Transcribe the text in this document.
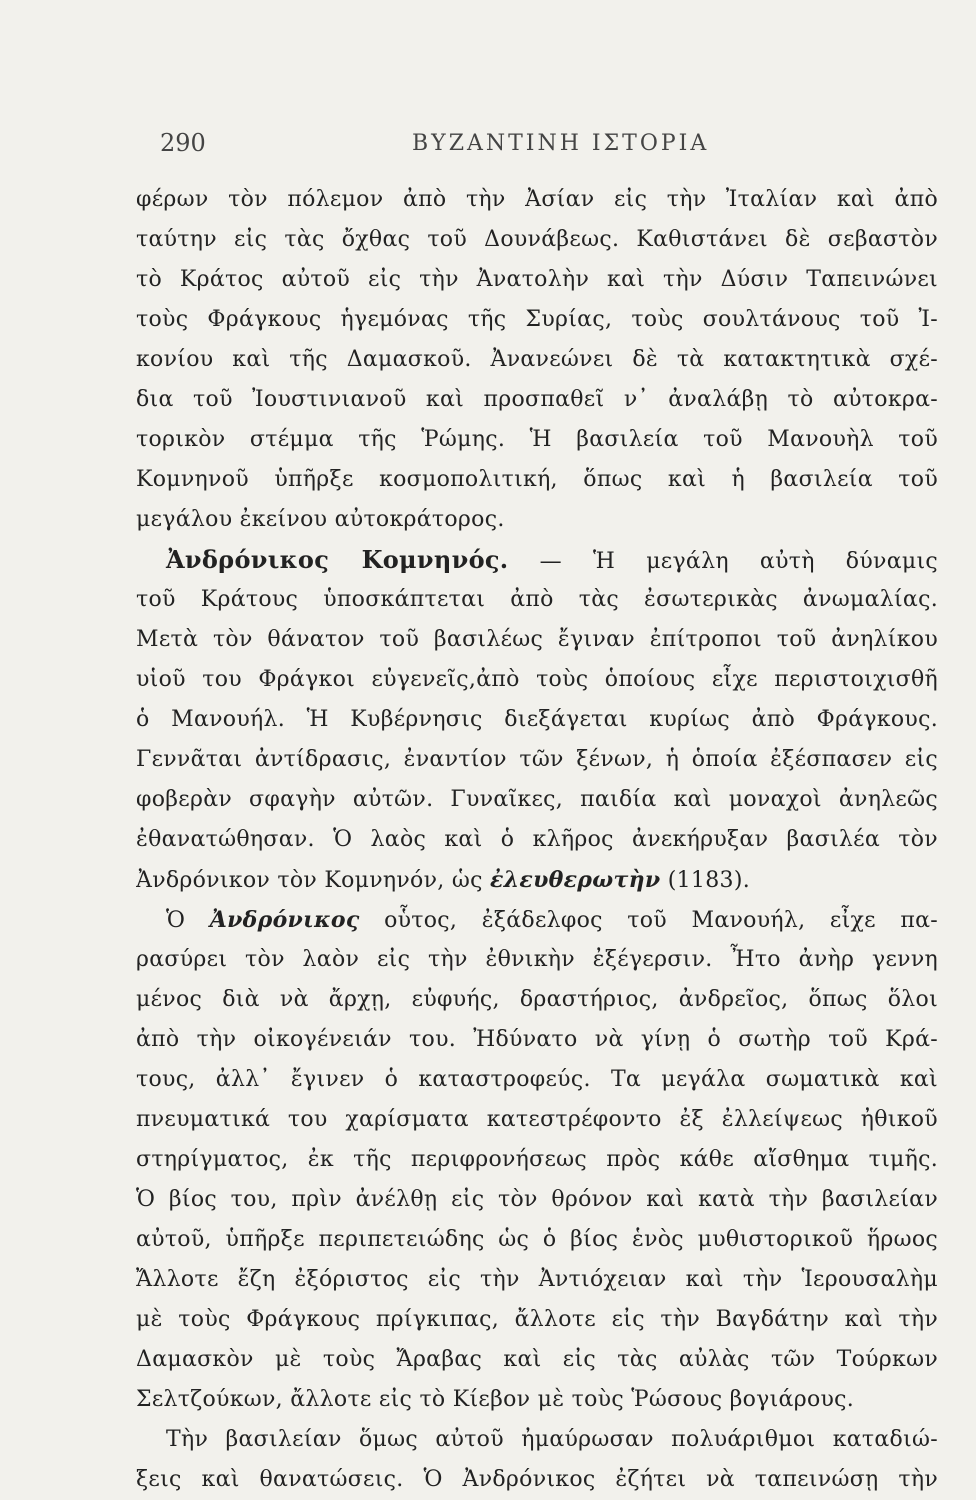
290	ΒΥΖΑΝΤΙΝΗ ΙΣΤΟΡΙΑ
φέρων τὸν πόλεμον ἀπὸ τὴν Ἀσίαν εἰς τὴν Ἰταλίαν καὶ ἀπὸ
ταύτην εἰς τὰς ὄχθας τοῦ Δουνάβεως. Καθιστάνει δὲ σεβαστὸν
τὸ Κράτος αὐτοῦ εἰς τὴν Ἀνατολὴν καὶ τὴν Δύσιν Ταπεινώνει
τοὺς Φράγκους ἡγεμόνας τῆς Συρίας, τοὺς σουλτάνους τοῦ Ἰ-
κονίου καὶ τῆς Δαμασκοῦ. Ἀνανεώνει δὲ τὰ κατακτητικὰ σχέ-
δια τοῦ Ἰουστινιανοῦ καὶ προσπαθεῖ ν᾿ ἀναλάβῃ τὸ αὐτοκρα-
τορικὸν στέμμα τῆς Ῥώμης. Ἡ βασιλεία τοῦ Μανουὴλ τοῦ
Κομνηνοῦ ὑπῆρξε κοσμοπολιτική, ὅπως καὶ ἡ βασιλεία τοῦ
μεγάλου ἐκείνου αὐτοκράτορος.
Ἀνδρόνικος Κομνηνός. — Ἡ μεγάλη αὐτὴ δύναμις
τοῦ Κράτους ὑποσκάπτεται ἀπὸ τὰς ἐσωτερικὰς ἀνωμαλίας.
Μετὰ τὸν θάνατον τοῦ βασιλέως ἔγιναν ἐπίτροποι τοῦ ἀνηλίκου
υἱοῦ του Φράγκοι εὐγενεῖς,ἀπὸ τοὺς ὁποίους εἶχε περιστοιχισθῆ
ὁ Μανουήλ. Ἡ Κυβέρνησις διεξάγεται κυρίως ἀπὸ Φράγκους.
Γεννᾶται ἀντίδρασις, ἐναντίον τῶν ξένων, ἡ ὁποία ἐξέσπασεν εἰς
φοβερὰν σφαγὴν αὐτῶν. Γυναῖκες, παιδία καὶ μοναχοὶ ἀνηλεῶς
ἐθανατώθησαν. Ὁ λαὸς καὶ ὁ κλῆρος ἀνεκήρυξαν βασιλέα τὸν
Ἀνδρόνικον τὸν Κομνηνόν, ὡς ἐλευθερωτὴν (1183).
Ὁ Ἀνδρόνικος οὗτος, ἐξάδελφος τοῦ Μανουήλ, εἶχε πα-
ρασύρει τὸν λαὸν εἰς τὴν ἐθνικὴν ἐξέγερσιν. Ἦτο ἀνὴρ γεννη
μένος διὰ νὰ ἄρχῃ, εὐφυής, δραστήριος, ἀνδρεῖος, ὅπως ὅλοι
ἀπὸ τὴν οἰκογένειάν του. Ἠδύνατο νὰ γίνῃ ὁ σωτὴρ τοῦ Κρά-
τους, ἀλλ᾿ ἔγινεν ὁ καταστροφεύς. Τα μεγάλα σωματικὰ καὶ
πνευματικά του χαρίσματα κατεστρέφοντο ἐξ ἐλλείψεως ἠθικοῦ
στηρίγματος, ἐκ τῆς περιφρονήσεως πρὸς κάθε αἴσθημα τιμῆς.
Ὁ βίος του, πρὶν ἀνέλθῃ εἰς τὸν θρόνον καὶ κατὰ τὴν βασιλείαν
αὐτοῦ, ὑπῆρξε περιπετειώδης ὡς ὁ βίος ἑνὸς μυθιστορικοῦ ἥρωος
Ἄλλοτε ἔζη ἐξόριστος εἰς τὴν Ἀντιόχειαν καὶ τὴν Ἱερουσαλὴμ
μὲ τοὺς Φράγκους πρίγκιπας, ἄλλοτε εἰς τὴν Βαγδάτην καὶ τὴν
Δαμασκὸν μὲ τοὺς Ἄραβας καὶ εἰς τὰς αὐλὰς τῶν Τούρκων
Σελτζούκων, ἄλλοτε εἰς τὸ Κίεβον μὲ τοὺς Ῥώσους βογιάρους.
Τὴν βασιλείαν ὅμως αὐτοῦ ἠμαύρωσαν πολυάριθμοι καταδιώ-
ξεις καὶ θανατώσεις. Ὁ Ἀνδρόνικος ἐζήτει νὰ ταπεινώσῃ τὴν
